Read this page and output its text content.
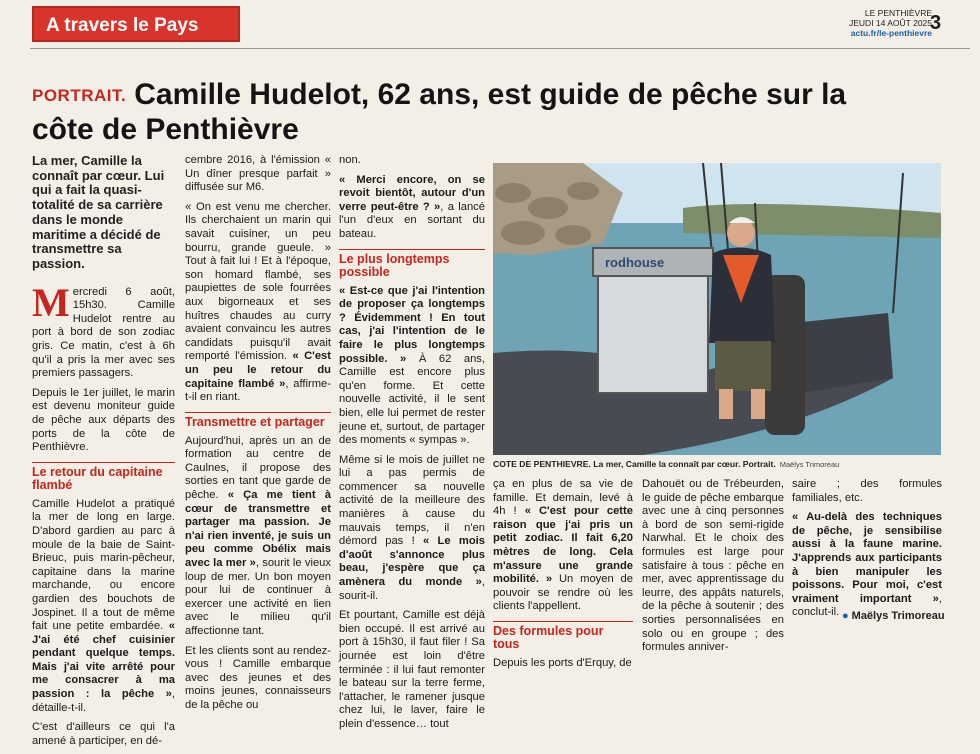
A travers le Pays
LE PENTHIÈVRE
JEUDI 14 AOÛT 2025
actu.fr/le-penthievre
3
PORTRAIT. Camille Hudelot, 62 ans, est guide de pêche sur la côte de Penthièvre

La mer, Camille la connaît par cœur. Lui qui a fait la quasi-totalité de sa carrière dans le monde maritime a décidé de transmettre sa passion.

Mercredi 6 août, 15h30. Camille Hudelot rentre au port à bord de son zodiac gris. Ce matin, c'est à 6h qu'il a pris la mer avec ses premiers passagers.

Depuis le 1er juillet, le marin est devenu moniteur guide de pêche aux départs des ports de la côte de Penthièvre.

Le retour du capitaine flambé

Camille Hudelot a pratiqué la mer de long en large. D'abord gardien au parc à moule de la baie de Saint-Brieuc, puis marin-pêcheur, capitaine dans la marine marchande, ou encore gardien des bouchots de Jospinet. Il a tout de même fait une petite embardée. « J'ai été chef cuisinier pendant quelque temps. Mais j'ai vite arrêté pour me consacrer à ma passion : la pêche », détaille-t-il.

C'est d'ailleurs ce qui l'a amené à participer, en dé-

cembre 2016, à l'émission « Un dîner presque parfait » diffusée sur M6.

« On est venu me chercher. Ils cherchaient un marin qui savait cuisiner, un peu bourru, grande gueule. » Tout à fait lui ! Et à l'époque, son homard flambé, ses paupiettes de sole fourrées aux bigorneaux et ses huîtres chaudes au curry avaient convaincu les autres candidats puisqu'il avait remporté l'émission. « C'est un peu le retour du capitaine flambé », affirme-t-il en riant.

Transmettre et partager

Aujourd'hui, après un an de formation au centre de Caulnes, il propose des sorties en tant que garde de pêche. « Ça me tient à cœur de transmettre et partager ma passion. Je n'ai rien inventé, je suis un peu comme Obélix mais avec la mer », sourit le vieux loup de mer. Un bon moyen pour lui de continuer à exercer une activité en lien avec le milieu qu'il affectionne tant.

Et les clients sont au rendez-vous ! Camille embarque avec des jeunes et des moins jeunes, connaisseurs de la pêche ou

non.

« Merci encore, on se revoit bientôt, autour d'un verre peut-être ? », a lancé l'un d'eux en sortant du bateau.

Le plus longtemps possible

« Est-ce que j'ai l'intention de proposer ça longtemps ? Évidemment ! En tout cas, j'ai l'intention de le faire le plus longtemps possible. » À 62 ans, Camille est encore plus qu'en forme. Et cette nouvelle activité, il le sent bien, elle lui permet de rester jeune et, surtout, de partager des moments « sympas ».

Même si le mois de juillet ne lui a pas permis de commencer sa nouvelle activité de la meilleure des manières à cause du mauvais temps, il n'en démord pas ! « Le mois d'août s'annonce plus beau, j'espère que ça amènera du monde », sourit-il.

Et pourtant, Camille est déjà bien occupé. Il est arrivé au port à 15h30, il faut filer ! Sa journée est loin d'être terminée : il lui faut remonter le bateau sur la terre ferme, l'attacher, le ramener jusque chez lui, le laver, faire le plein d'essence… tout

rodhouse
COTE DE PENTHIEVRE. La mer, Camille la connaît par cœur. Portrait. Maëlys Trimoreau

ça en plus de sa vie de famille. Et demain, levé à 4h ! « C'est pour cette raison que j'ai pris un petit zodiac. Il fait 6,20 mètres de long. Cela m'assure une grande mobilité. » Un moyen de pouvoir se rendre où les clients l'appellent.

Des formules pour tous

Depuis les ports d'Erquy, de

Dahouët ou de Trébeurden, le guide de pêche embarque avec une à cinq personnes à bord de son semi-rigide Narwhal. Et le choix des formules est large pour satisfaire à tous : pêche en mer, avec apprentissage du leurre, des appâts naturels, de la pêche à soutenir ; des sorties personnalisées en solo ou en groupe ; des formules anniver-

saire ; des formules familiales, etc.

« Au-delà des techniques de pêche, je sensibilise aussi à la faune marine. J'apprends aux participants à bien manipuler les poissons. Pour moi, c'est vraiment important », conclut-il. ● Maëlys Trimoreau
